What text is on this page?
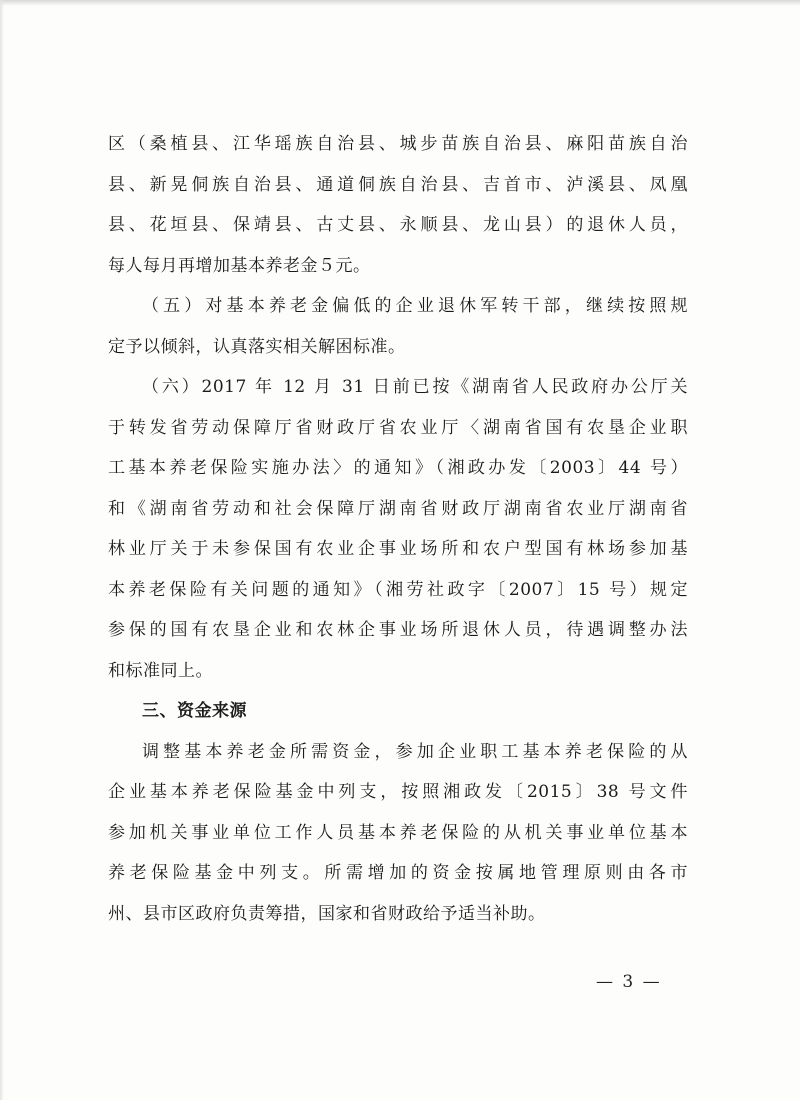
区（桑植县、江华瑶族自治县、城步苗族自治县、麻阳苗族自治
县、新晃侗族自治县、通道侗族自治县、吉首市、泸溪县、凤凰
县、花垣县、保靖县、古丈县、永顺县、龙山县）的退休人员，
每人每月再增加基本养老金５元。
（五）对基本养老金偏低的企业退休军转干部，继续按照规
定予以倾斜，认真落实相关解困标准。
（六）2017 年 12 月 31 日前已按《湖南省人民政府办公厅关
于转发省劳动保障厅省财政厅省农业厅〈湖南省国有农垦企业职
工基本养老保险实施办法〉的通知》（湘政办发〔2003〕44 号）
和《湖南省劳动和社会保障厅湖南省财政厅湖南省农业厅湖南省
林业厅关于未参保国有农业企事业场所和农户型国有林场参加基
本养老保险有关问题的通知》（湘劳社政字〔2007〕15 号）规定
参保的国有农垦企业和农林企事业场所退休人员，待遇调整办法
和标准同上。
三、资金来源
调整基本养老金所需资金，参加企业职工基本养老保险的从
企业基本养老保险基金中列支，按照湘政发〔2015〕38 号文件
参加机关事业单位工作人员基本养老保险的从机关事业单位基本
养老保险基金中列支。所需增加的资金按属地管理原则由各市
州、县市区政府负责筹措，国家和省财政给予适当补助。
— 3 —
